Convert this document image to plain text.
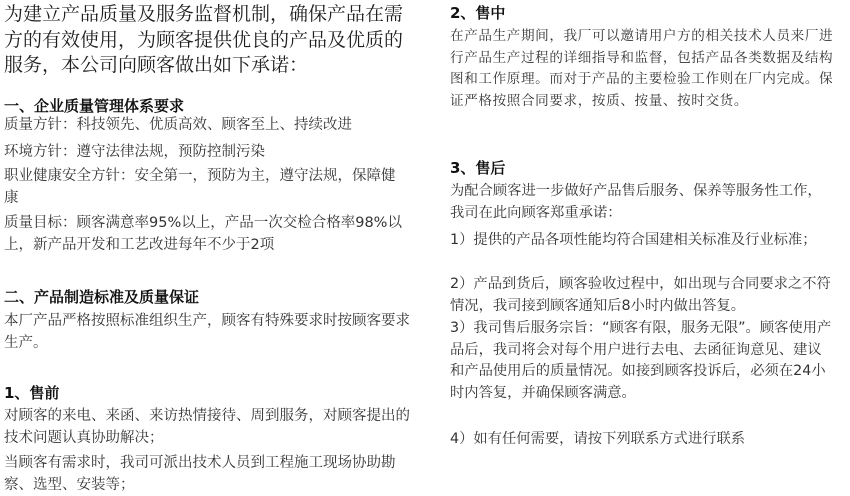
为建立产品质量及服务监督机制，确保产品在需方的有效使用，为顾客提供优良的产品及优质的服务，本公司向顾客做出如下承诺：

一、企业质量管理体系要求

质量方针：科技领先、优质高效、顾客至上、持续改进

环境方针：遵守法律法规，预防控制污染

职业健康安全方针：安全第一，预防为主，遵守法规，保障健康

质量目标：顾客满意率95%以上，产品一次交检合格率98%以上，新产品开发和工艺改进每年不少于2项

二、产品制造标准及质量保证

本厂产品严格按照标准组织生产，顾客有特殊要求时按顾客要求生产。

1、售前

对顾客的来电、来函、来访热情接待、周到服务，对顾客提出的技术问题认真协助解决；

当顾客有需求时，我司可派出技术人员到工程施工现场协助勘察、选型、安装等；

2、售中

在产品生产期间，我厂可以邀请用户方的相关技术人员来厂进行产品生产过程的详细指导和监督，包括产品各类数据及结构图和工作原理。而对于产品的主要检验工作则在厂内完成。保证严格按照合同要求，按质、按量、按时交货。

3、售后

为配合顾客进一步做好产品售后服务、保养等服务性工作，我司在此向顾客郑重承诺：

1）提供的产品各项性能均符合国建相关标准及行业标准；

2）产品到货后，顾客验收过程中，如出现与合同要求之不符情况，我司接到顾客通知后8小时内做出答复。

3）我司售后服务宗旨：“顾客有限，服务无限”。顾客使用产品后，我司将会对每个用户进行去电、去函征询意见、建议和产品使用后的质量情况。如接到顾客投诉后，必须在24小时内答复，并确保顾客满意。

4）如有任何需要，请按下列联系方式进行联系
